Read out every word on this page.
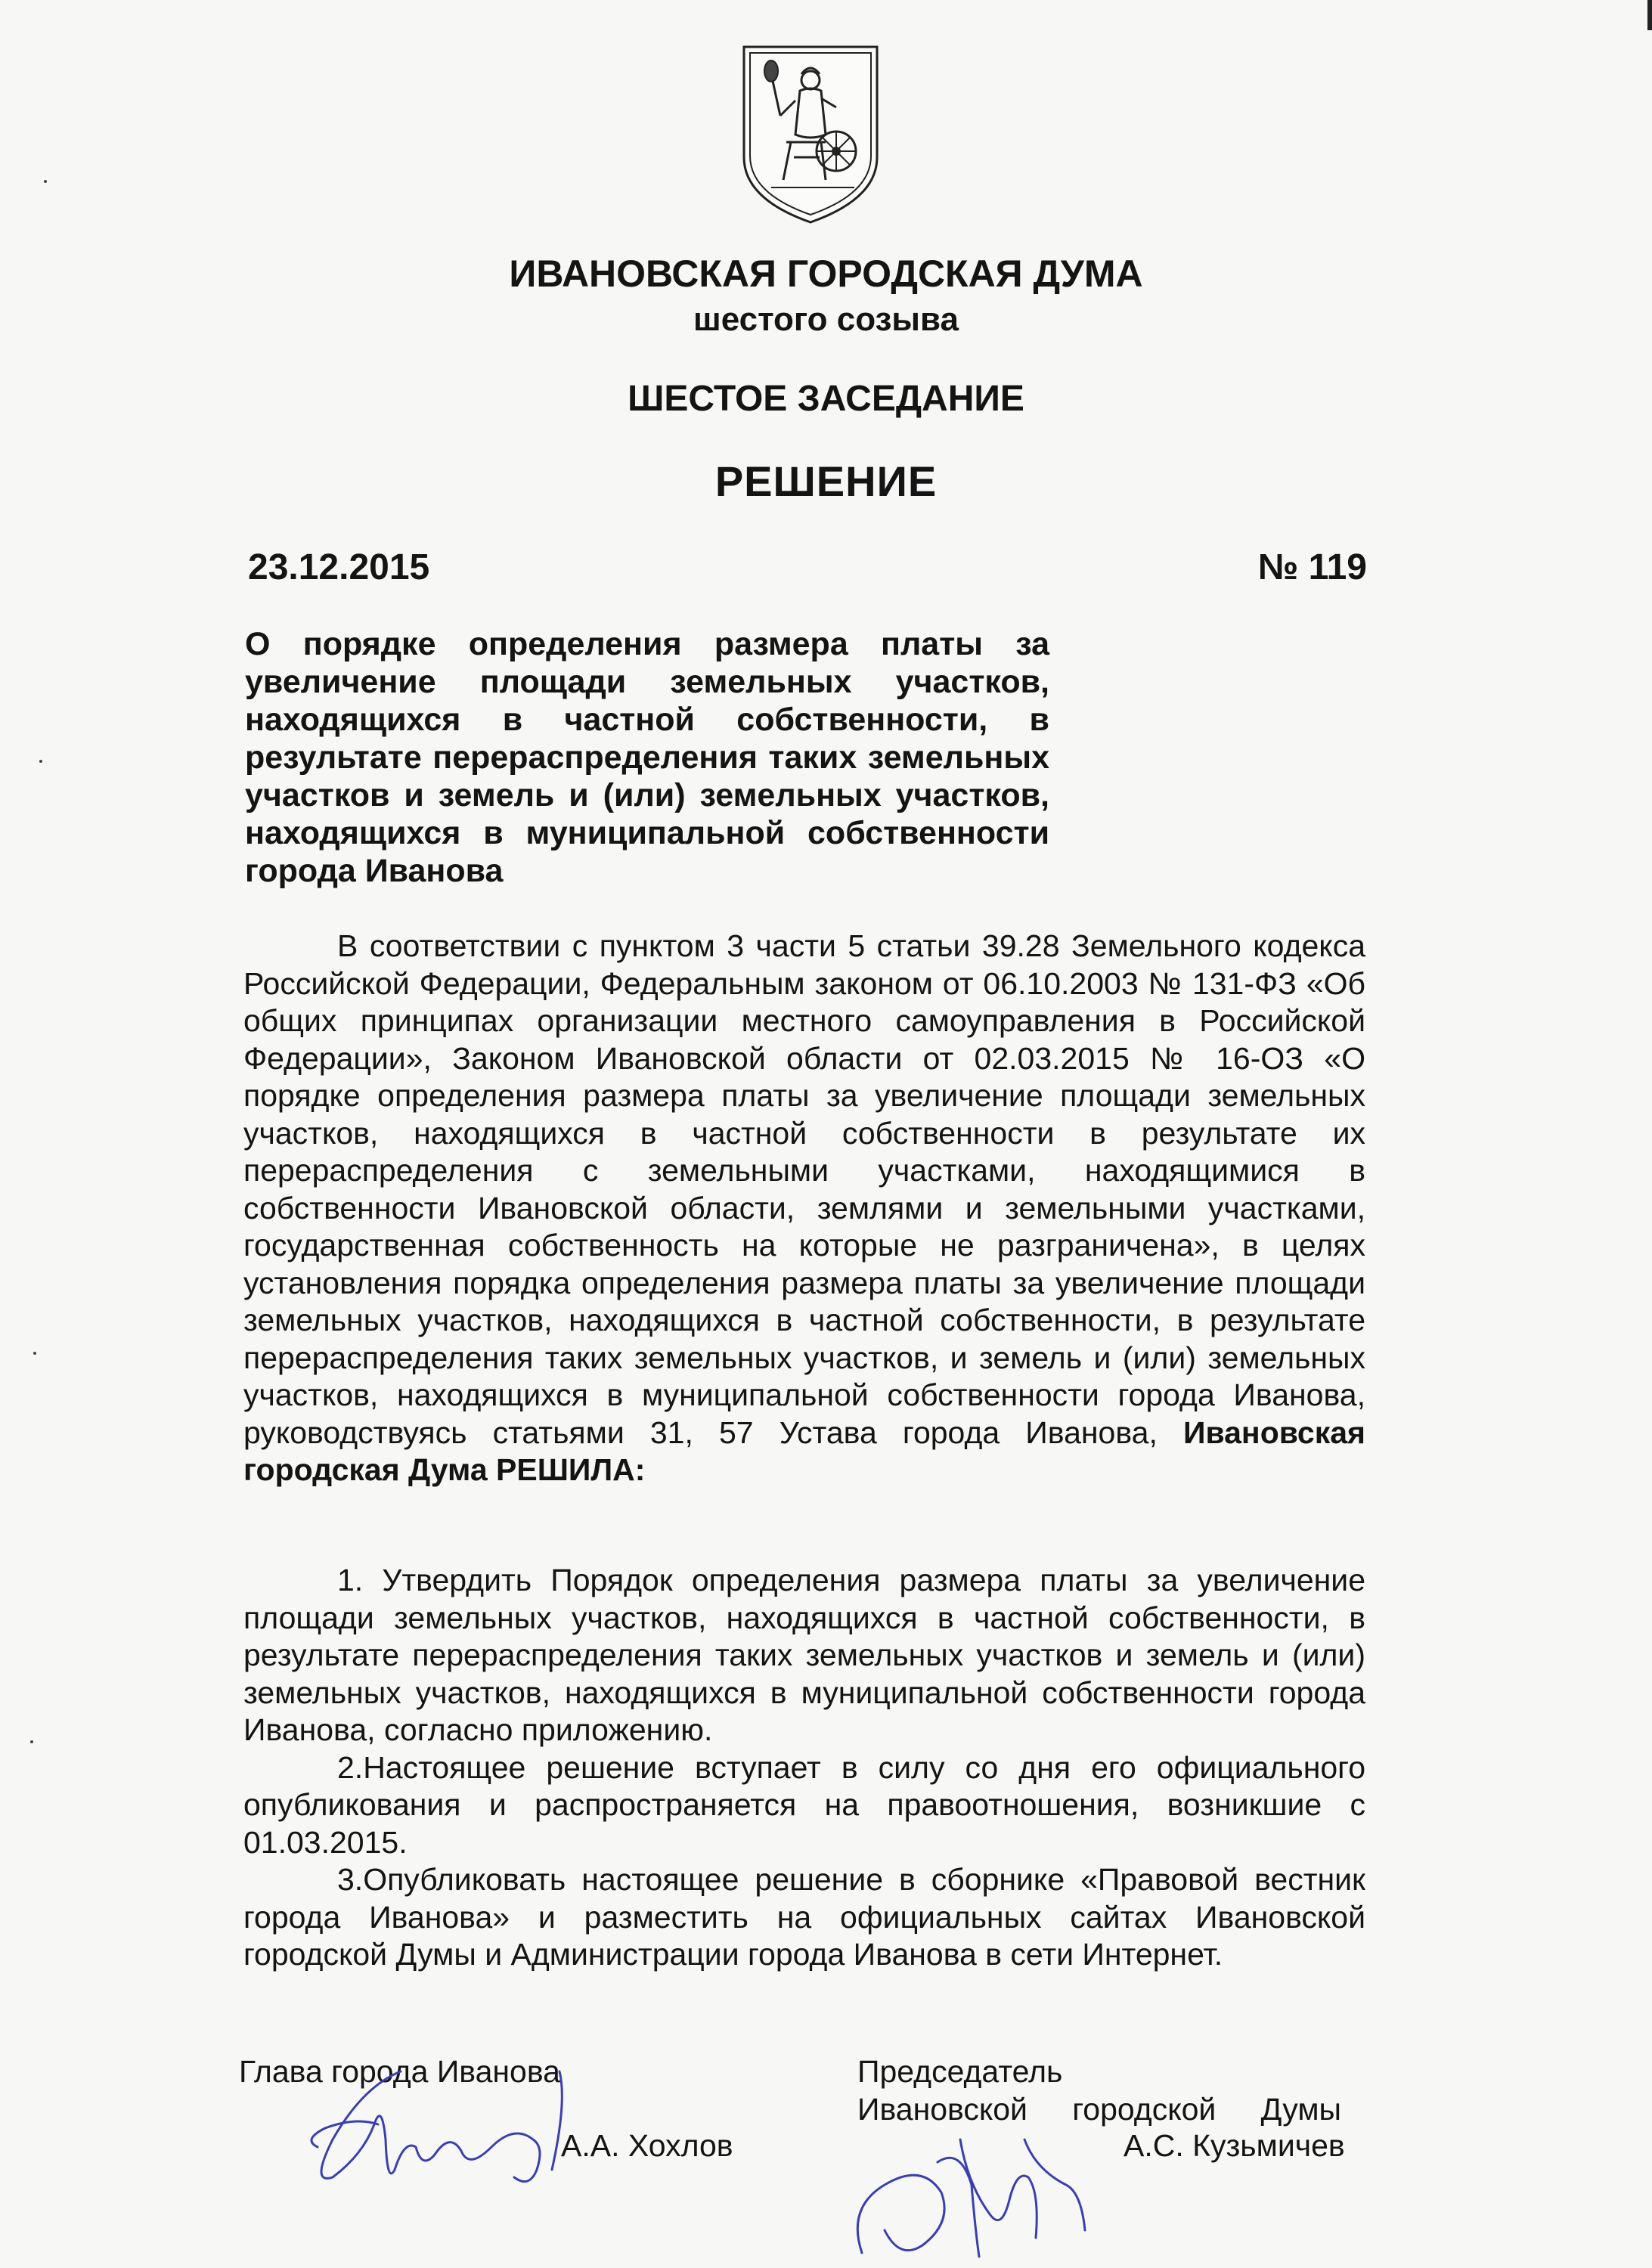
ИВАНОВСКАЯ ГОРОДСКАЯ ДУМА
шестого созыва
ШЕСТОЕ ЗАСЕДАНИЕ
РЕШЕНИЕ
23.12.2015	№ 119
О порядке определения размера платы за увеличение площади земельных участков, находящихся в частной собственности, в результате перераспределения таких земельных участков и земель и (или) земельных участков, находящихся в муниципальной собственности города Иванова
В соответствии с пунктом 3 части 5 статьи 39.28 Земельного кодекса Российской Федерации, Федеральным законом от 06.10.2003 № 131-ФЗ «Об общих принципах организации местного самоуправления в Российской Федерации», Законом Ивановской области от 02.03.2015 № 16-ОЗ «О порядке определения размера платы за увеличение площади земельных участков, находящихся в частной собственности в результате их перераспределения с земельными участками, находящимися в собственности Ивановской области, землями и земельными участками, государственная собственность на которые не разграничена», в целях установления порядка определения размера платы за увеличение площади земельных участков, находящихся в частной собственности, в результате перераспределения таких земельных участков, и земель и (или) земельных участков, находящихся в муниципальной собственности города Иванова, руководствуясь статьями 31, 57 Устава города Иванова, Ивановская городская Дума РЕШИЛА:

1. Утвердить Порядок определения размера платы за увеличение площади земельных участков, находящихся в частной собственности, в результате перераспределения таких земельных участков и земель и (или) земельных участков, находящихся в муниципальной собственности города Иванова, согласно приложению.

2.Настоящее решение вступает в силу со дня его официального опубликования и распространяется на правоотношения, возникшие с 01.03.2015.

3.Опубликовать настоящее решение в сборнике «Правовой вестник города Иванова» и разместить на официальных сайтах Ивановской городской Думы и Администрации города Иванова в сети Интернет.

Глава города Иванова
А.А. Хохлов
Председатель
Ивановской городской Думы
А.С. Кузьмичев
